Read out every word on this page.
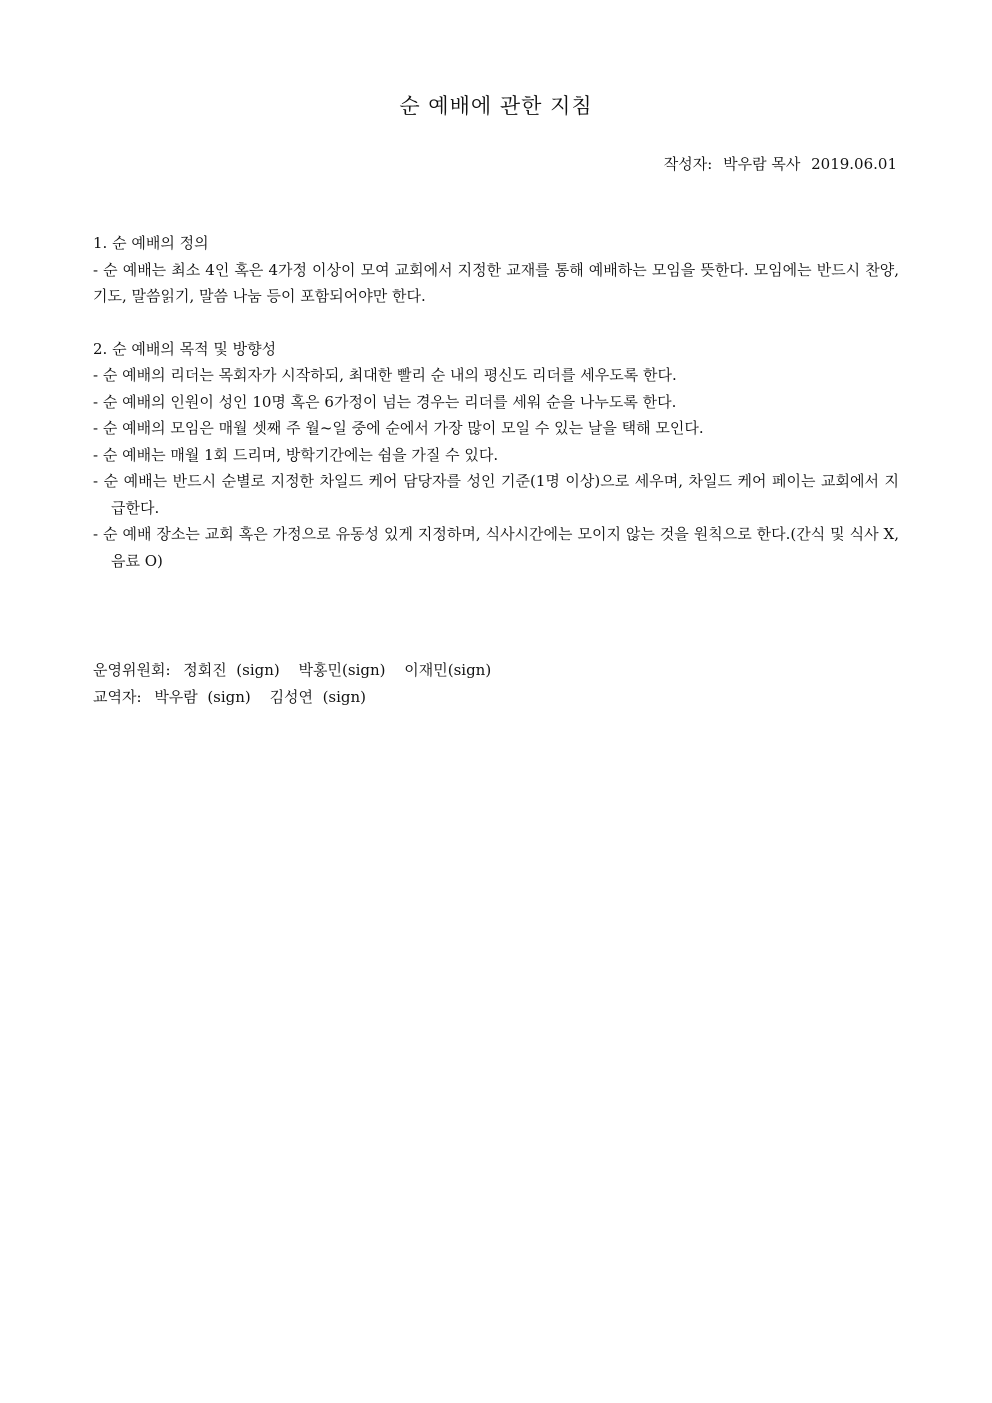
순 예배에 관한 지침
작성자: 박우람 목사 2019.06.01

1. 순 예배의 정의

- 순 예배는 최소 4인 혹은 4가정 이상이 모여 교회에서 지정한 교재를 통해 예배하는 모임을 뜻한다. 모임에는 반드시 찬양, 기도, 말씀읽기, 말씀 나눔 등이 포함되어야만 한다.

2. 순 예배의 목적 및 방향성

- 순 예배의 리더는 목회자가 시작하되, 최대한 빨리 순 내의 평신도 리더를 세우도록 한다.

- 순 예배의 인원이 성인 10명 혹은 6가정이 넘는 경우는 리더를 세워 순을 나누도록 한다.

- 순 예배의 모임은 매월 셋째 주 월~일 중에 순에서 가장 많이 모일 수 있는 날을 택해 모인다.

- 순 예배는 매월 1회 드리며, 방학기간에는 쉼을 가질 수 있다.

- 순 예배는 반드시 순별로 지정한 차일드 케어 담당자를 성인 기준(1명 이상)으로 세우며, 차일드 케어 페이는 교회에서 지급한다.

- 순 예배 장소는 교회 혹은 가정으로 유동성 있게 지정하며, 식사시간에는 모이지 않는 것을 원칙으로 한다.(간식 및 식사 X, 음료 O)

운영위원회: 정회진  (sign) 박홍민(sign) 이재민(sign)

교역자: 박우람  (sign) 김성연  (sign)
